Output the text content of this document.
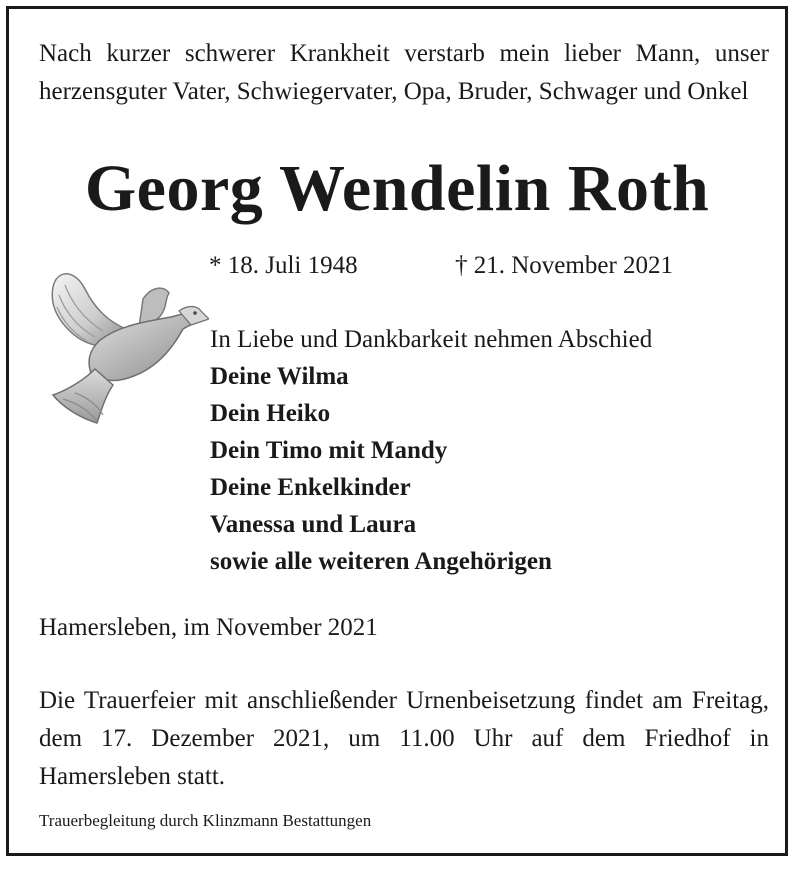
Nach kurzer schwerer Krankheit verstarb mein lieber Mann, unser herzensguter Vater, Schwiegervater, Opa, Bruder, Schwager und Onkel
Georg Wendelin Roth
* 18. Juli 1948	† 21. November 2021
In Liebe und Dankbarkeit nehmen Abschied
Deine Wilma
Dein Heiko
Dein Timo mit Mandy
Deine Enkelkinder
Vanessa und Laura
sowie alle weiteren Angehörigen
Hamersleben, im November 2021
Die Trauerfeier mit anschließender Urnenbeisetzung findet am Freitag, dem 17. Dezember 2021, um 11.00 Uhr auf dem Friedhof in Hamersleben statt.
Trauerbegleitung durch Klinzmann Bestattungen
